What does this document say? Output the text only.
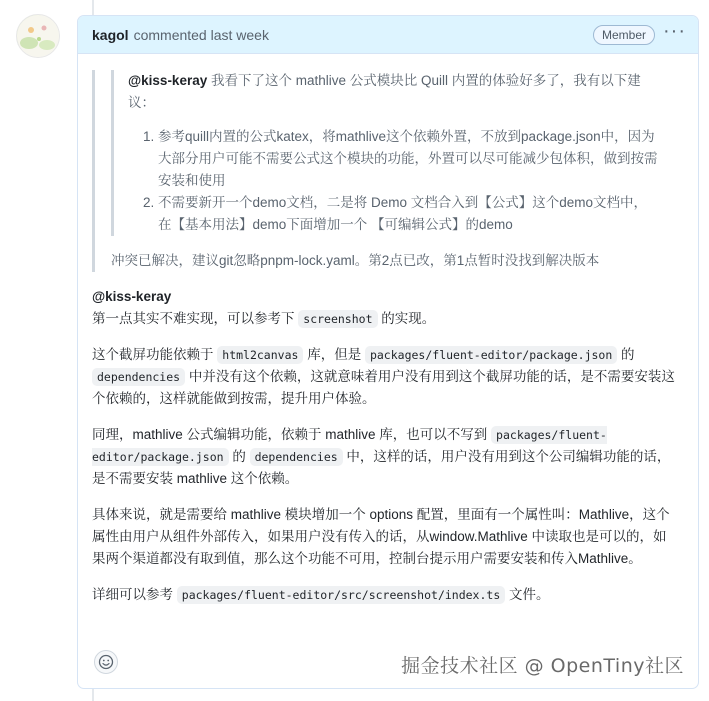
kagol commented last week	Member ···
@kiss-keray 我看下了这个 mathlive 公式模块比 Quill 内置的体验好多了，我有以下建议：
1. 参考quill内置的公式katex，将mathlive这个依赖外置，不放到package.json中，因为大部分用户可能不需要公式这个模块的功能，外置可以尽可能减少包体积，做到按需安装和使用
2. 不需要新开一个demo文档，二是将 Demo 文档合入到【公式】这个demo文档中，在【基本用法】demo下面增加一个 【可编辑公式】的demo
冲突已解决，建议git忽略pnpm-lock.yaml。第2点已改，第1点暂时没找到解决版本

@kiss-keray
第一点其实不难实现，可以参考下 screenshot 的实现。

这个截屏功能依赖于 html2canvas 库，但是 packages/fluent-editor/package.json 的 dependencies 中并没有这个依赖，这就意味着用户没有用到这个截屏功能的话，是不需要安装这个依赖的，这样就能做到按需，提升用户体验。

同理，mathlive 公式编辑功能，依赖于 mathlive 库，也可以不写到 packages/fluent-editor/package.json 的 dependencies 中，这样的话，用户没有用到这个公司编辑功能的话，是不需要安装 mathlive 这个依赖。

具体来说，就是需要给 mathlive 模块增加一个 options 配置，里面有一个属性叫：Mathlive，这个属性由用户从组件外部传入，如果用户没有传入的话，从window.Mathlive 中读取也是可以的，如果两个渠道都没有取到值，那么这个功能不可用，控制台提示用户需要安装和传入Mathlive。

详细可以参考 packages/fluent-editor/src/screenshot/index.ts 文件。

掘金技术社区 @ OpenTiny社区
